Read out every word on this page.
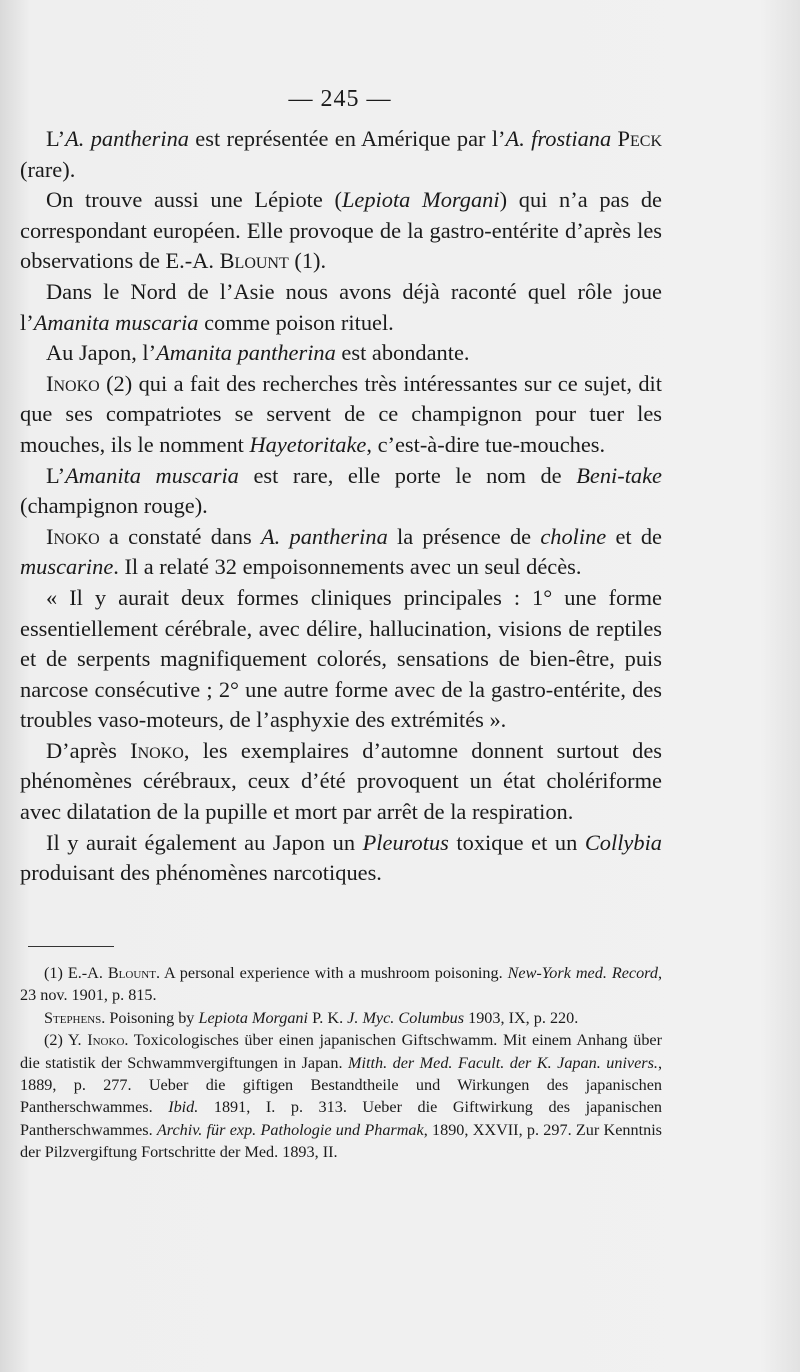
— 245 —

L’A. pantherina est représentée en Amérique par l’A. frostiana Peck (rare).

On trouve aussi une Lépiote (Lepiota Morgani) qui n’a pas de correspondant européen. Elle provoque de la gastro-entérite d’après les observations de E.-A. Blount (1).

Dans le Nord de l’Asie nous avons déjà raconté quel rôle joue l’Amanita muscaria comme poison rituel.

Au Japon, l’Amanita pantherina est abondante.

Inoko (2) qui a fait des recherches très intéressantes sur ce sujet, dit que ses compatriotes se servent de ce champignon pour tuer les mouches, ils le nomment Hayetoritake, c’est-à-dire tue-mouches.

L’Amanita muscaria est rare, elle porte le nom de Beni-take (champignon rouge).

Inoko a constaté dans A. pantherina la présence de choline et de muscarine. Il a relaté 32 empoisonnements avec un seul décès.

« Il y aurait deux formes cliniques principales : 1° une forme essentiellement cérébrale, avec délire, hallucination, visions de reptiles et de serpents magnifiquement colorés, sensations de bien-être, puis narcose consécutive ; 2° une autre forme avec de la gastro-entérite, des troubles vaso-moteurs, de l’asphyxie des extrémités ».

D’après Inoko, les exemplaires d’automne donnent surtout des phénomènes cérébraux, ceux d’été provoquent un état cholériforme avec dilatation de la pupille et mort par arrêt de la respiration.

Il y aurait également au Japon un Pleurotus toxique et un Collybia produisant des phénomènes narcotiques.

(1) E.-A. Blount. A personal experience with a mushroom poisoning. New-York med. Record, 23 nov. 1901, p. 815.

Stephens. Poisoning by Lepiota Morgani P. K. J. Myc. Columbus 1903, IX, p. 220.

(2) Y. Inoko. Toxicologisches über einen japanischen Giftschwamm. Mit einem Anhang über die statistik der Schwammvergiftungen in Japan. Mitth. der Med. Facult. der K. Japan. univers., 1889, p. 277. Ueber die giftigen Bestandtheile und Wirkungen des japanischen Pantherschwammes. Ibid. 1891, I. p. 313. Ueber die Giftwirkung des japanischen Pantherschwammes. Archiv. für exp. Pathologie und Pharmak, 1890, XXVII, p. 297. Zur Kenntnis der Pilzvergiftung Fortschritte der Med. 1893, II.
